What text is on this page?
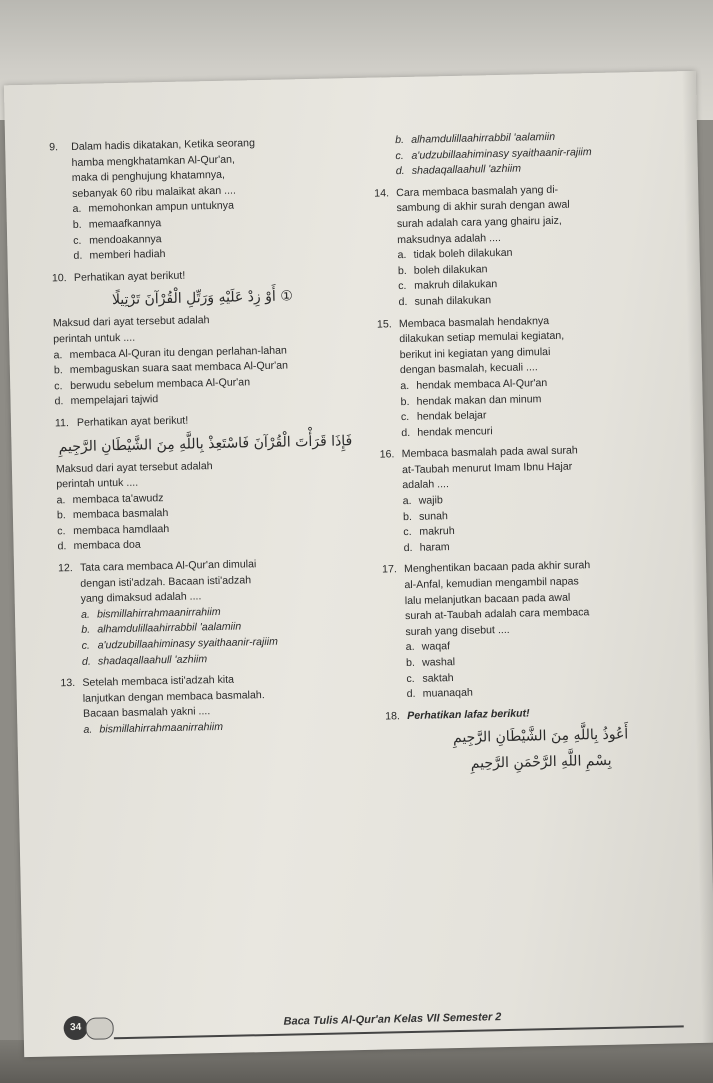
9.	Dalam hadis dikatakan, Ketika seorang
hamba mengkhatamkan Al-Qur'an,
maka di penghujung khatamnya,
sebanyak 60 ribu malaikat akan ....
a. memohonkan ampun untuknya
b. memaafkannya
c. mendoakannya
d. memberi hadiah
10. Perhatikan ayat berikut!
① ﺃَﻭْ ﺯِﺩْ ﻋَﻠَﻴْﻪِ ﻭَﺭَﺗِّﻞِ ﺍﻟْﻘُﺮْﺁﻥَ ﺗَﺮْﺗِﻴﻠًﺎ
Maksud dari ayat tersebut adalah
perintah untuk ....
a. membaca Al-Quran itu dengan perlahan-lahan
b. membaguskan suara saat membaca Al-Qur'an
c. berwudu sebelum membaca Al-Qur'an
d. mempelajari tajwid
11. Perhatikan ayat berikut!
ﻓَﺈِﺫَﺍ ﻗَﺮَﺃْﺕَ ﺍﻟْﻘُﺮْﺁﻥَ ﻓَﺎﺳْﺘَﻌِﺬْ ﺑِﺎﻟﻠَّﻪِ ﻣِﻦَ ﺍﻟﺸَّﻴْﻄَﺎﻥِ ﺍﻟﺮَّﺟِﻴﻢِ
Maksud dari ayat tersebut adalah
perintah untuk ....
a. membaca ta'awudz
b. membaca basmalah
c. membaca hamdlaah
d. membaca doa
12. Tata cara membaca Al-Qur'an dimulai
dengan isti'adzah. Bacaan isti'adzah
yang dimaksud adalah ....
a. bismillahirrahmaanirrahiim
b. alhamdulillaahirrabbil 'aalamiin
c. a'udzubillaahiminasy syaithaanir-rajiim
d. shadaqallaahull 'azhiim
13. Setelah membaca isti'adzah kita
lanjutkan dengan membaca basmalah.
Bacaan basmalah yakni ....
a. bismillahirrahmaanirrahiim
b. alhamdulillaahirrabbil 'aalamiin
c. a'udzubillaahiminasy syaithaanir-rajiim
d. shadaqallaahull 'azhiim
14. Cara membaca basmalah yang di-
sambung di akhir surah dengan awal
surah adalah cara yang ghairu jaiz,
maksudnya adalah ....
a. tidak boleh dilakukan
b. boleh dilakukan
c. makruh dilakukan
d. sunah dilakukan
15. Membaca basmalah hendaknya
dilakukan setiap memulai kegiatan,
berikut ini kegiatan yang dimulai
dengan basmalah, kecuali ....
a. hendak membaca Al-Qur'an
b. hendak makan dan minum
c. hendak belajar
d. hendak mencuri
16. Membaca basmalah pada awal surah
at-Taubah menurut Imam Ibnu Hajar
adalah ....
a. wajib
b. sunah
c. makruh
d. haram
17. Menghentikan bacaan pada akhir surah
al-Anfal, kemudian mengambil napas
lalu melanjutkan bacaan pada awal
surah at-Taubah adalah cara membaca
surah yang disebut ....
a. waqaf
b. washal
c. saktah
d. muanaqah
18. Perhatikan lafaz berikut!
ﺃَﻋُﻮﺫُ ﺑِﺎﻟﻠَّﻪِ ﻣِﻦَ ﺍﻟﺸَّﻴْﻄَﺎﻥِ ﺍﻟﺮَّﺟِﻴﻢِ
ﺑِﺴْﻢِ ﺍﻟﻠَّﻪِ ﺍﻟﺮَّﺣْﻤَﻦِ ﺍﻟﺮَّﺣِﻴﻢِ
34	Baca Tulis Al-Qur'an Kelas VII Semester 2
